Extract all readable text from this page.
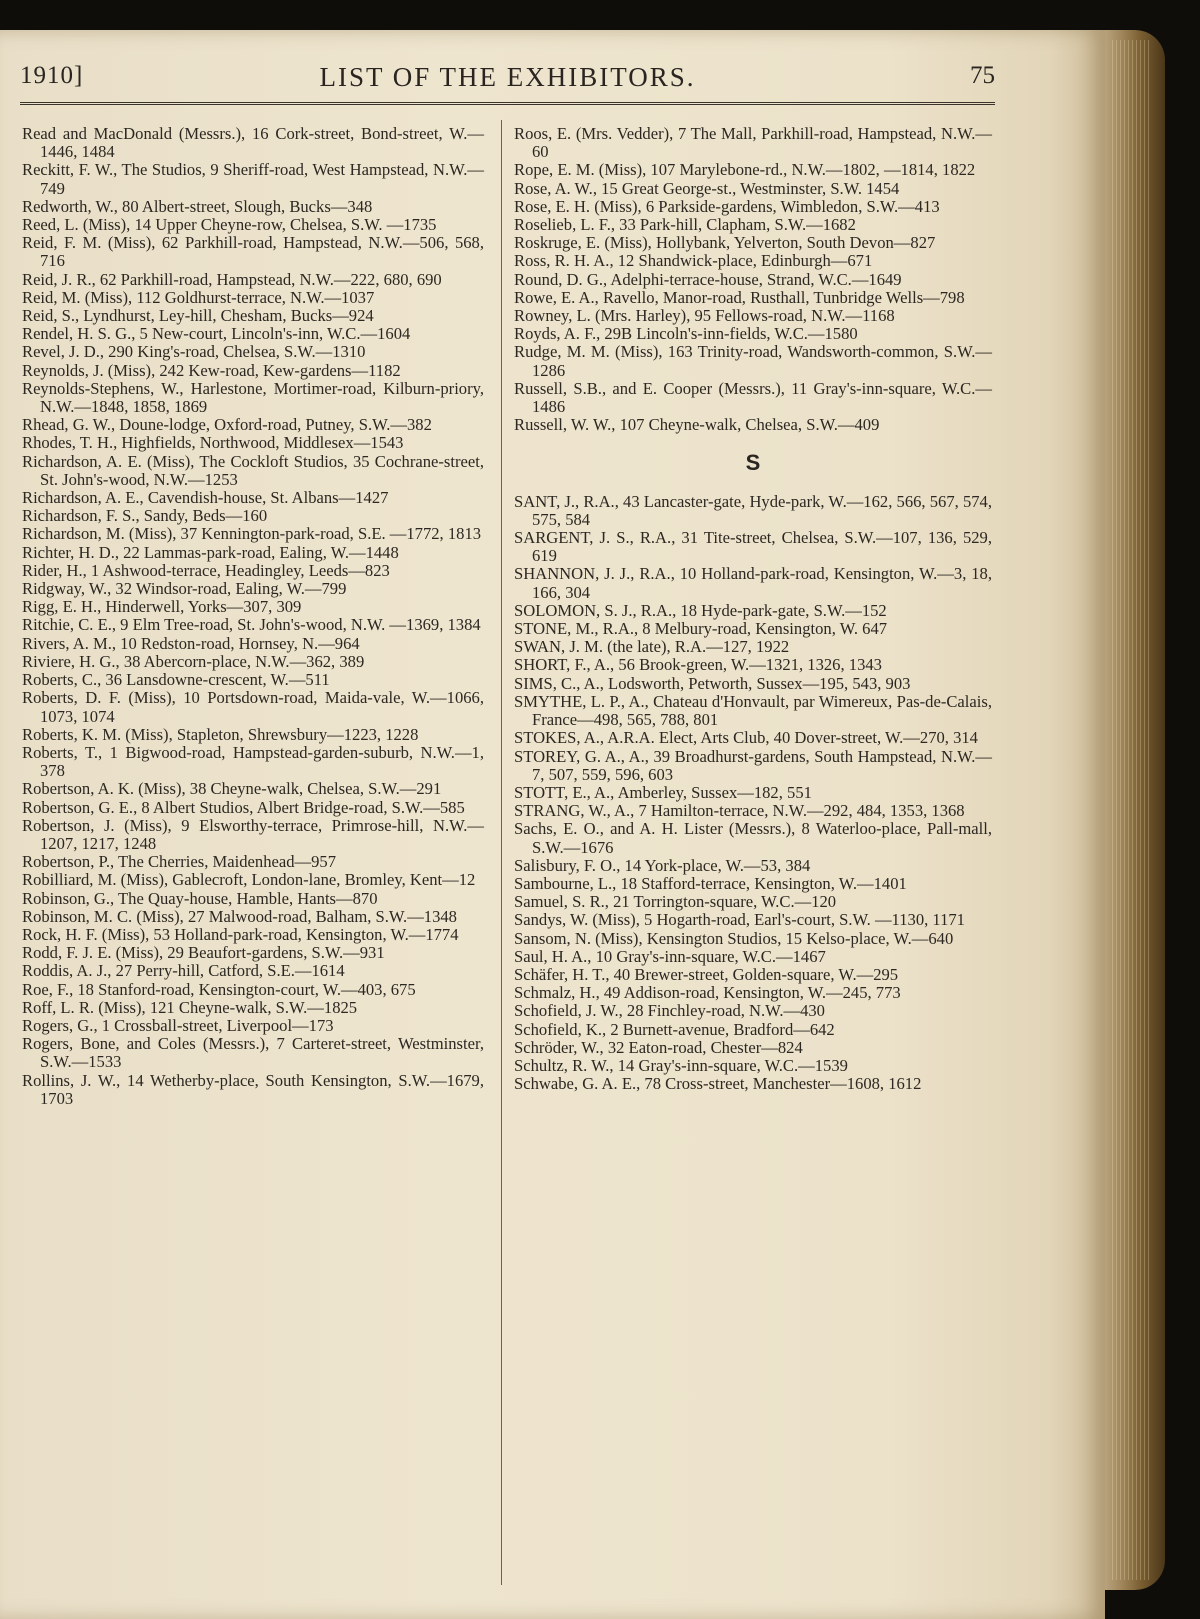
1910]	LIST OF THE EXHIBITORS.	75

Read and MacDonald (Messrs.), 16 Cork-street, Bond-street, W.—1446, 1484

Reckitt, F. W., The Studios, 9 Sheriff-road, West Hampstead, N.W.—749

Redworth, W., 80 Albert-street, Slough, Bucks—348

Reed, L. (Miss), 14 Upper Cheyne-row, Chelsea, S.W. —1735

Reid, F. M. (Miss), 62 Parkhill-road, Hampstead, N.W.—506, 568, 716

Reid, J. R., 62 Parkhill-road, Hampstead, N.W.—222, 680, 690

Reid, M. (Miss), 112 Goldhurst-terrace, N.W.—1037

Reid, S., Lyndhurst, Ley-hill, Chesham, Bucks—924

Rendel, H. S. G., 5 New-court, Lincoln's-inn, W.C.—1604

Revel, J. D., 290 King's-road, Chelsea, S.W.—1310

Reynolds, J. (Miss), 242 Kew-road, Kew-gardens—1182

Reynolds-Stephens, W., Harlestone, Mortimer-road, Kilburn-priory, N.W.—1848, 1858, 1869

Rhead, G. W., Doune-lodge, Oxford-road, Putney, S.W.—382

Rhodes, T. H., Highfields, Northwood, Middlesex—1543

Richardson, A. E. (Miss), The Cockloft Studios, 35 Cochrane-street, St. John's-wood, N.W.—1253

Richardson, A. E., Cavendish-house, St. Albans—1427

Richardson, F. S., Sandy, Beds—160

Richardson, M. (Miss), 37 Kennington-park-road, S.E. —1772, 1813

Richter, H. D., 22 Lammas-park-road, Ealing, W.—1448

Rider, H., 1 Ashwood-terrace, Headingley, Leeds—823

Ridgway, W., 32 Windsor-road, Ealing, W.—799

Rigg, E. H., Hinderwell, Yorks—307, 309

Ritchie, C. E., 9 Elm Tree-road, St. John's-wood, N.W. —1369, 1384

Rivers, A. M., 10 Redston-road, Hornsey, N.—964

Riviere, H. G., 38 Abercorn-place, N.W.—362, 389

Roberts, C., 36 Lansdowne-crescent, W.—511

Roberts, D. F. (Miss), 10 Portsdown-road, Maida-vale, W.—1066, 1073, 1074

Roberts, K. M. (Miss), Stapleton, Shrewsbury—1223, 1228

Roberts, T., 1 Bigwood-road, Hampstead-garden-suburb, N.W.—1, 378

Robertson, A. K. (Miss), 38 Cheyne-walk, Chelsea, S.W.—291

Robertson, G. E., 8 Albert Studios, Albert Bridge-road, S.W.—585

Robertson, J. (Miss), 9 Elsworthy-terrace, Primrose-hill, N.W.—1207, 1217, 1248

Robertson, P., The Cherries, Maidenhead—957

Robilliard, M. (Miss), Gablecroft, London-lane, Bromley, Kent—12

Robinson, G., The Quay-house, Hamble, Hants—870

Robinson, M. C. (Miss), 27 Malwood-road, Balham, S.W.—1348

Rock, H. F. (Miss), 53 Holland-park-road, Kensington, W.—1774

Rodd, F. J. E. (Miss), 29 Beaufort-gardens, S.W.—931

Roddis, A. J., 27 Perry-hill, Catford, S.E.—1614

Roe, F., 18 Stanford-road, Kensington-court, W.—403, 675

Roff, L. R. (Miss), 121 Cheyne-walk, S.W.—1825

Rogers, G., 1 Crossball-street, Liverpool—173

Rogers, Bone, and Coles (Messrs.), 7 Carteret-street, Westminster, S.W.—1533

Rollins, J. W., 14 Wetherby-place, South Kensington, S.W.—1679, 1703

Roos, E. (Mrs. Vedder), 7 The Mall, Parkhill-road, Hampstead, N.W.—60

Rope, E. M. (Miss), 107 Marylebone-rd., N.W.—1802, —1814, 1822

Rose, A. W., 15 Great George-st., Westminster, S.W. 1454

Rose, E. H. (Miss), 6 Parkside-gardens, Wimbledon, S.W.—413

Roselieb, L. F., 33 Park-hill, Clapham, S.W.—1682

Roskruge, E. (Miss), Hollybank, Yelverton, South Devon—827

Ross, R. H. A., 12 Shandwick-place, Edinburgh—671

Round, D. G., Adelphi-terrace-house, Strand, W.C.—1649

Rowe, E. A., Ravello, Manor-road, Rusthall, Tunbridge Wells—798

Rowney, L. (Mrs. Harley), 95 Fellows-road, N.W.—1168

Royds, A. F., 29B Lincoln's-inn-fields, W.C.—1580

Rudge, M. M. (Miss), 163 Trinity-road, Wandsworth-common, S.W.—1286

Russell, S.B., and E. Cooper (Messrs.), 11 Gray's-inn-square, W.C.—1486

Russell, W. W., 107 Cheyne-walk, Chelsea, S.W.—409

S

SANT, J., R.A., 43 Lancaster-gate, Hyde-park, W.—162, 566, 567, 574, 575, 584

SARGENT, J. S., R.A., 31 Tite-street, Chelsea, S.W.—107, 136, 529, 619

SHANNON, J. J., R.A., 10 Holland-park-road, Kensington, W.—3, 18, 166, 304

SOLOMON, S. J., R.A., 18 Hyde-park-gate, S.W.—152

STONE, M., R.A., 8 Melbury-road, Kensington, W. 647

SWAN, J. M. (the late), R.A.—127, 1922

SHORT, F., A., 56 Brook-green, W.—1321, 1326, 1343

SIMS, C., A., Lodsworth, Petworth, Sussex—195, 543, 903

SMYTHE, L. P., A., Chateau d'Honvault, par Wimereux, Pas-de-Calais, France—498, 565, 788, 801

STOKES, A., A.R.A. Elect, Arts Club, 40 Dover-street, W.—270, 314

STOREY, G. A., A., 39 Broadhurst-gardens, South Hampstead, N.W.—7, 507, 559, 596, 603

STOTT, E., A., Amberley, Sussex—182, 551

STRANG, W., A., 7 Hamilton-terrace, N.W.—292, 484, 1353, 1368

Sachs, E. O., and A. H. Lister (Messrs.), 8 Waterloo-place, Pall-mall, S.W.—1676

Salisbury, F. O., 14 York-place, W.—53, 384

Sambourne, L., 18 Stafford-terrace, Kensington, W.—1401

Samuel, S. R., 21 Torrington-square, W.C.—120

Sandys, W. (Miss), 5 Hogarth-road, Earl's-court, S.W. —1130, 1171

Sansom, N. (Miss), Kensington Studios, 15 Kelso-place, W.—640

Saul, H. A., 10 Gray's-inn-square, W.C.—1467

Schäfer, H. T., 40 Brewer-street, Golden-square, W.—295

Schmalz, H., 49 Addison-road, Kensington, W.—245, 773

Schofield, J. W., 28 Finchley-road, N.W.—430

Schofield, K., 2 Burnett-avenue, Bradford—642

Schröder, W., 32 Eaton-road, Chester—824

Schultz, R. W., 14 Gray's-inn-square, W.C.—1539

Schwabe, G. A. E., 78 Cross-street, Manchester—1608, 1612
